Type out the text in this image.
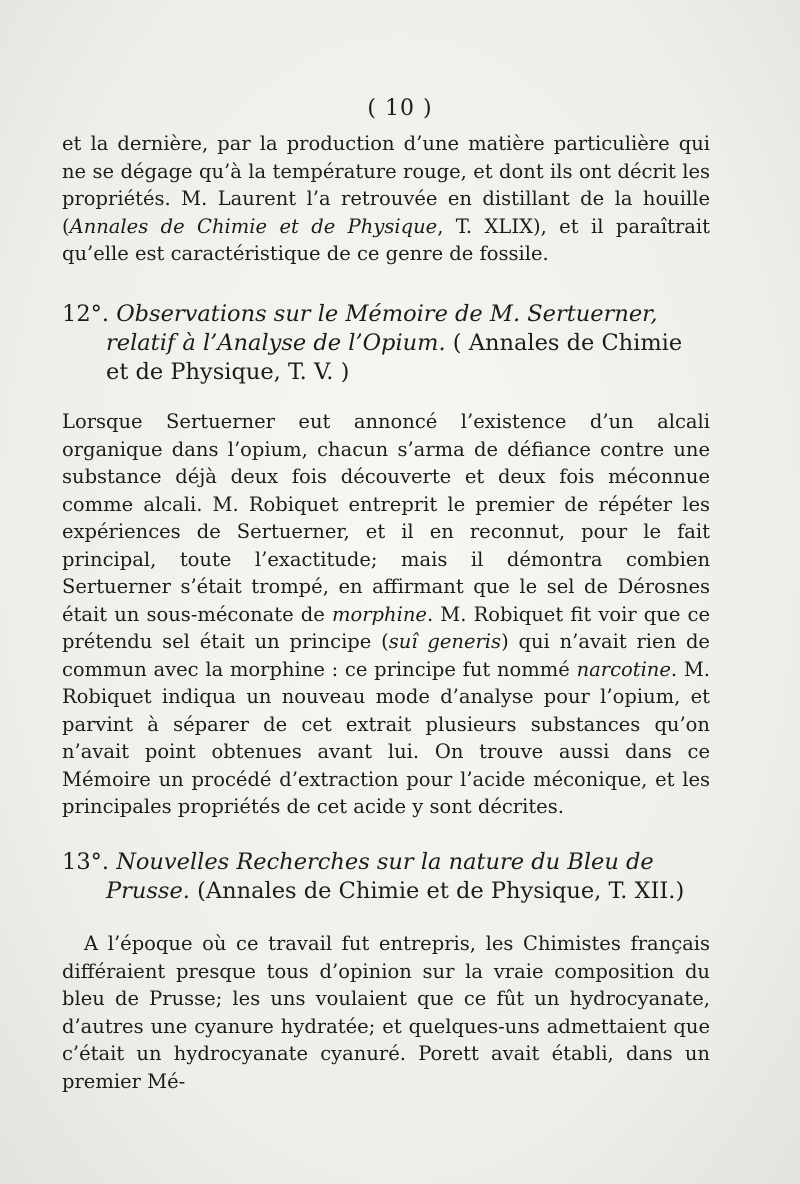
( 10 )

et la dernière, par la production d’une matière particulière qui ne se dégage qu’à la température rouge, et dont ils ont décrit les propriétés. M. Laurent l’a retrouvée en distillant de la houille (Annales de Chimie et de Physique, T. XLIX), et il paraîtrait qu’elle est caractéristique de ce genre de fossile.

12°. Observations sur le Mémoire de M. Sertuerner, relatif à l’Analyse de l’Opium. ( Annales de Chimie et de Physique, T. V. )

Lorsque Sertuerner eut annoncé l’existence d’un alcali organique dans l’opium, chacun s’arma de défiance contre une substance déjà deux fois découverte et deux fois méconnue comme alcali. M. Robiquet entreprit le premier de répéter les expériences de Sertuerner, et il en reconnut, pour le fait principal, toute l’exactitude; mais il démontra combien Sertuerner s’était trompé, en affirmant que le sel de Dérosnes était un sous-méconate de morphine. M. Robiquet fit voir que ce prétendu sel était un principe (suî generis) qui n’avait rien de commun avec la morphine : ce principe fut nommé narcotine. M. Robiquet indiqua un nouveau mode d’analyse pour l’opium, et parvint à séparer de cet extrait plusieurs substances qu’on n’avait point obtenues avant lui. On trouve aussi dans ce Mémoire un procédé d’extraction pour l’acide méconique, et les principales propriétés de cet acide y sont décrites.

13°. Nouvelles Recherches sur la nature du Bleu de Prusse. (Annales de Chimie et de Physique, T. XII.)

A l’époque où ce travail fut entrepris, les Chimistes français différaient presque tous d’opinion sur la vraie composition du bleu de Prusse; les uns voulaient que ce fût un hydrocyanate, d’autres une cyanure hydratée; et quelques-uns admettaient que c’était un hydrocyanate cyanuré. Porett avait établi, dans un premier Mé-
